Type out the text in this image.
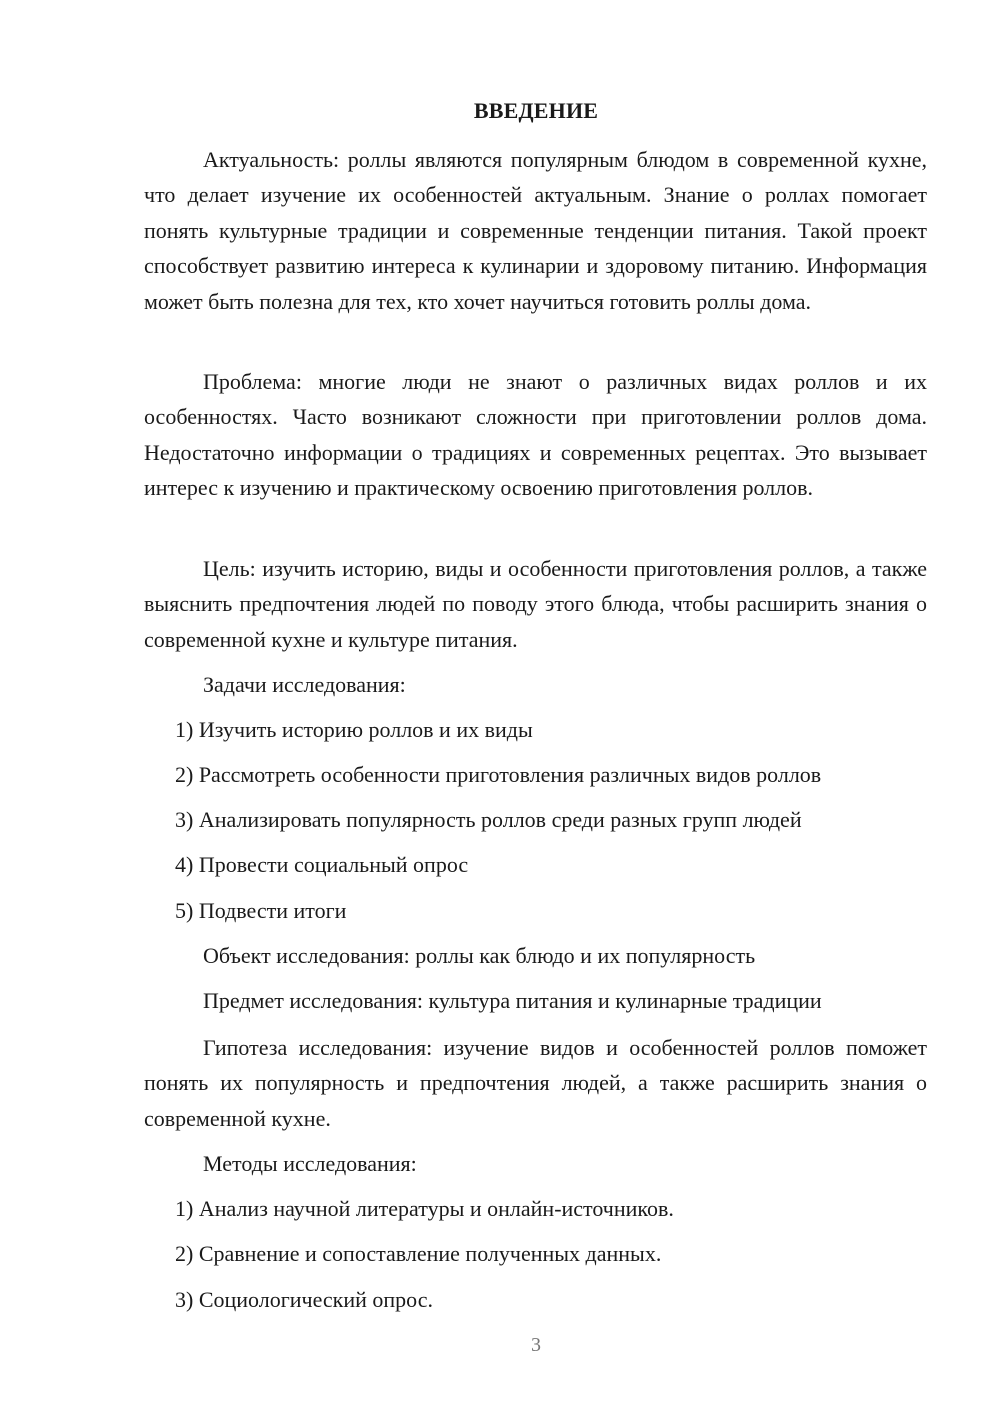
ВВЕДЕНИЕ

Актуальность: роллы являются популярным блюдом в современной кухне, что делает изучение их особенностей актуальным. Знание о роллах помогает понять культурные традиции и современные тенденции питания. Такой проект способствует развитию интереса к кулинарии и здоровому питанию. Информация может быть полезна для тех, кто хочет научиться готовить роллы дома.

Проблема: многие люди не знают о различных видах роллов и их особенностях. Часто возникают сложности при приготовлении роллов дома. Недостаточно информации о традициях и современных рецептах. Это вызывает интерес к изучению и практическому освоению приготовления роллов.

Цель: изучить историю, виды и особенности приготовления роллов, а также выяснить предпочтения людей по поводу этого блюда, чтобы расширить знания о современной кухне и культуре питания.

Задачи исследования:

1) Изучить историю роллов и их виды

2) Рассмотреть особенности приготовления различных видов роллов

3) Анализировать популярность роллов среди разных групп людей

4) Провести социальный опрос

5) Подвести итоги

Объект исследования: роллы как блюдо и их популярность

Предмет исследования: культура питания и кулинарные традиции

Гипотеза исследования: изучение видов и особенностей роллов поможет понять их популярность и предпочтения людей, а также расширить знания о современной кухне.

Методы исследования:

1) Анализ научной литературы и онлайн-источников.

2) Сравнение и сопоставление полученных данных.

3) Социологический опрос.

3
